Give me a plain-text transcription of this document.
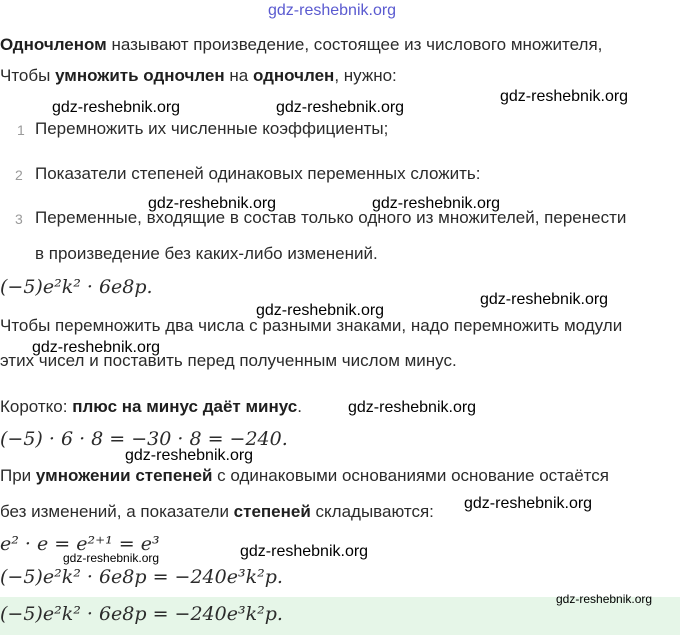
gdz-reshebnik.org
Одночленом называют произведение, состоящее из числового множителя,
Чтобы умножить одночлен на одночлен, нужно:
1 Перемножить их численные коэффициенты;
2 Показатели степеней одинаковых переменных сложить:
3 Переменные, входящие в состав только одного из множителей, перенести
в произведение без каких-либо изменений.
(−5)e²k² · 6e8p.
Чтобы перемножить два числа с разными знаками, надо перемножить модули
этих чисел и поставить перед полученным числом минус.
Коротко: плюс на минус даёт минус.
(−5) · 6 · 8 = −30 · 8 = −240.
При умножении степеней с одинаковыми основаниями основание остаётся
без изменений, а показатели степеней складываются:
e² · e = e²⁺¹ = e³
(−5)e²k² · 6e8p = −240e³k²p.
(−5)e²k² · 6e8p = −240e³k²p.
gdz-reshebnik.org	gdz-reshebnik.org
gdz-reshebnik.org
gdz-reshebnik.org	gdz-reshebnik.org
gdz-reshebnik.org
gdz-reshebnik.org
gdz-reshebnik.org
gdz-reshebnik.org
gdz-reshebnik.org
gdz-reshebnik.org
gdz-reshebnik.org
gdz-reshebnik.org
gdz-reshebnik.org
